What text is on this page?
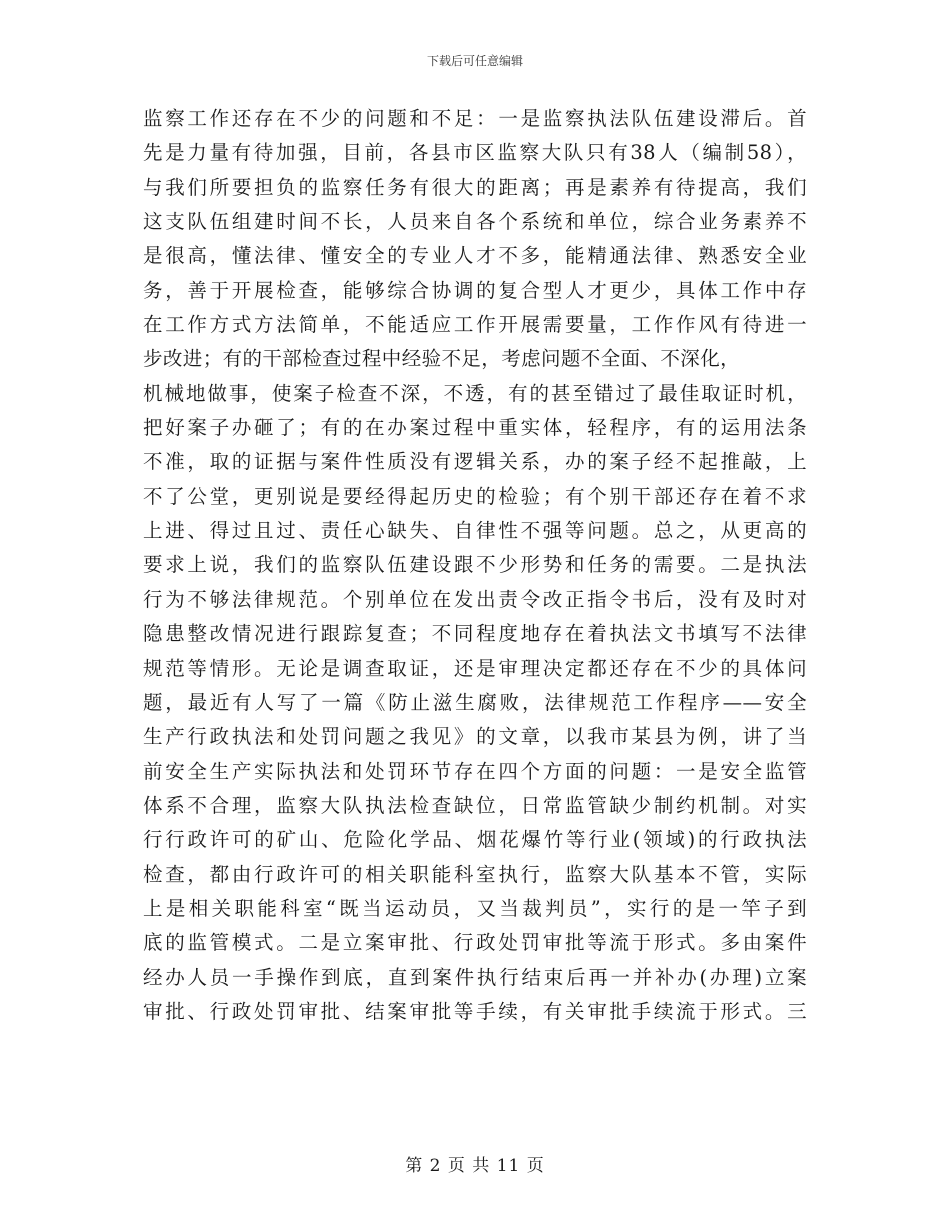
下载后可任意编辑
监察工作还存在不少的问题和不足：一是监察执法队伍建设滞后。首
先是力量有待加强，目前，各县市区监察大队只有38人（编制58），
与我们所要担负的监察任务有很大的距离；再是素养有待提高，我们
这支队伍组建时间不长，人员来自各个系统和单位，综合业务素养不
是很高，懂法律、懂安全的专业人才不多，能精通法律、熟悉安全业
务，善于开展检查，能够综合协调的复合型人才更少，具体工作中存
在工作方式方法简单，不能适应工作开展需要量，工作作风有待进一
步改进；有的干部检查过程中经验不足，考虑问题不全面、不深化，
机械地做事，使案子检查不深，不透，有的甚至错过了最佳取证时机，
把好案子办砸了；有的在办案过程中重实体，轻程序，有的运用法条
不准，取的证据与案件性质没有逻辑关系，办的案子经不起推敲，上
不了公堂，更别说是要经得起历史的检验；有个别干部还存在着不求
上进、得过且过、责任心缺失、自律性不强等问题。总之，从更高的
要求上说，我们的监察队伍建设跟不少形势和任务的需要。二是执法
行为不够法律规范。个别单位在发出责令改正指令书后，没有及时对
隐患整改情况进行跟踪复查；不同程度地存在着执法文书填写不法律
规范等情形。无论是调查取证，还是审理决定都还存在不少的具体问
题，最近有人写了一篇《防止滋生腐败，法律规范工作程序——安全
生产行政执法和处罚问题之我见》的文章，以我市某县为例，讲了当
前安全生产实际执法和处罚环节存在四个方面的问题：一是安全监管
体系不合理，监察大队执法检查缺位，日常监管缺少制约机制。对实
行行政许可的矿山、危险化学品、烟花爆竹等行业(领域)的行政执法
检查，都由行政许可的相关职能科室执行，监察大队基本不管，实际
上是相关职能科室“既当运动员，又当裁判员”，实行的是一竿子到
底的监管模式。二是立案审批、行政处罚审批等流于形式。多由案件
经办人员一手操作到底，直到案件执行结束后再一并补办(办理)立案
审批、行政处罚审批、结案审批等手续，有关审批手续流于形式。三
第 2 页 共 11 页
